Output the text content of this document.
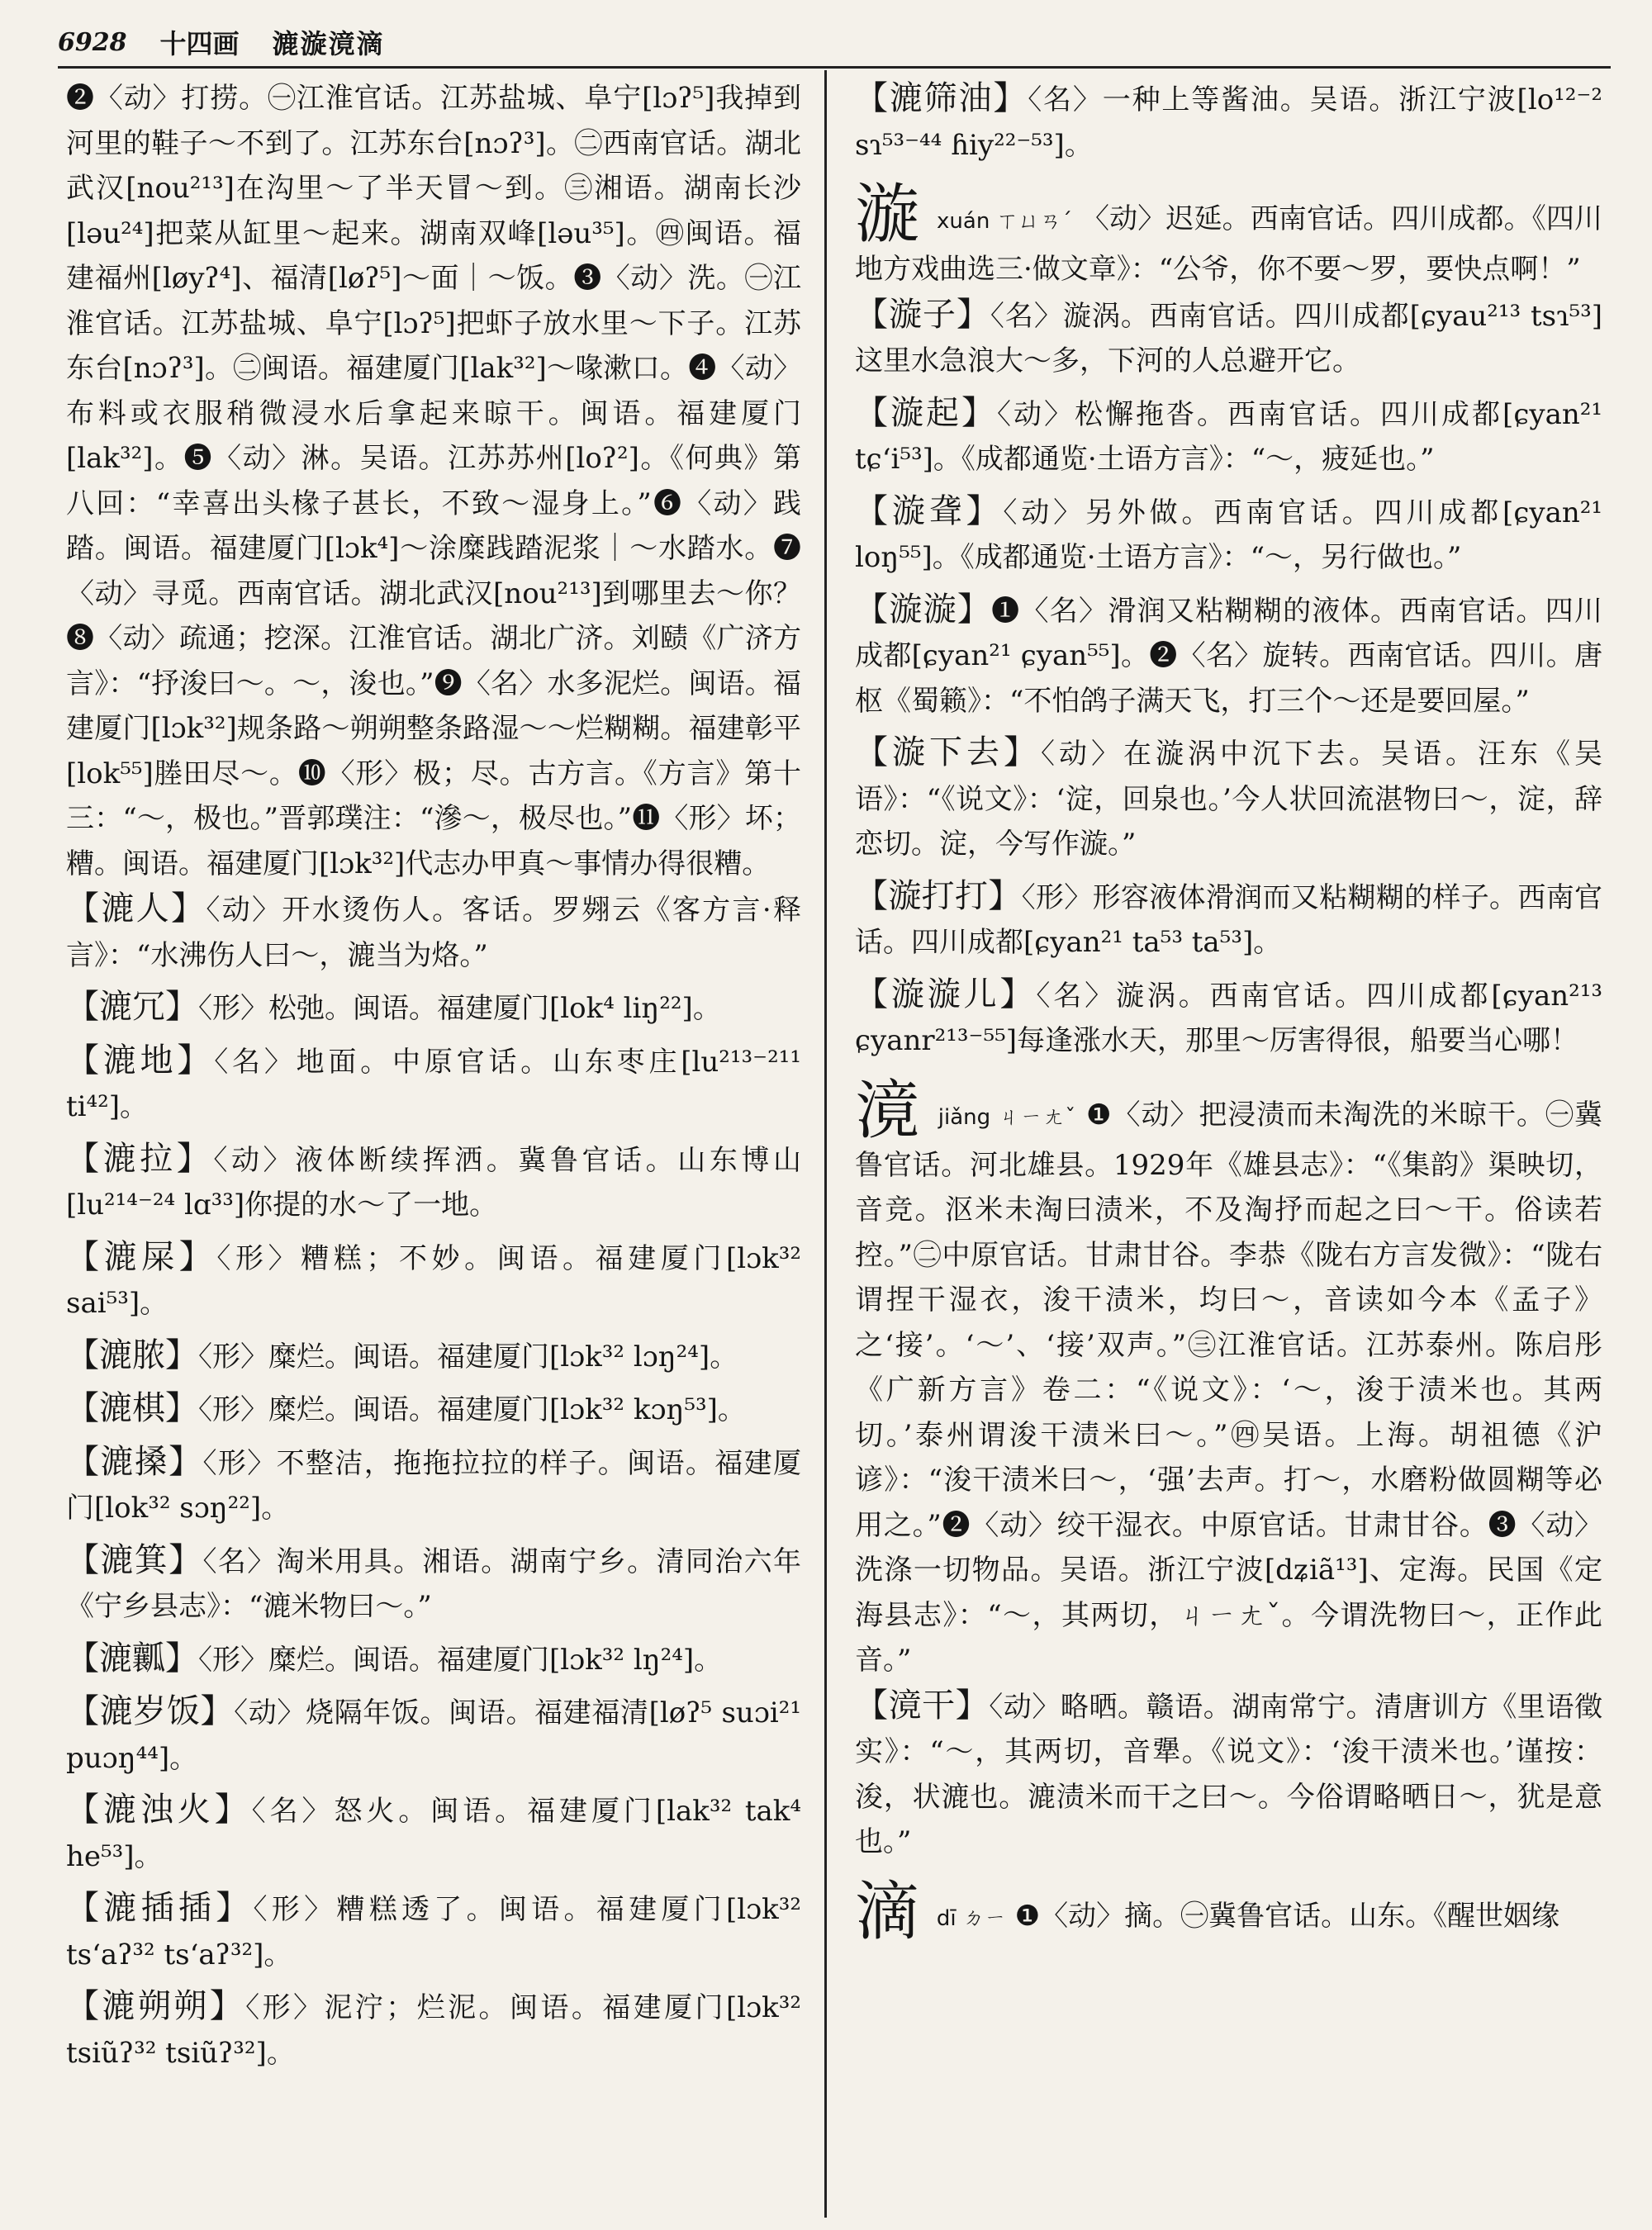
6928 十四画 漉漩滰滴

❷〈动〉打捞。㊀江淮官话。江苏盐城、阜宁[lɔʔ⁵]我掉到河里的鞋子～不到了。江苏东台[nɔʔ³]。㊁西南官话。湖北武汉[nou²¹³]在沟里～了半天冒～到。㊂湘语。湖南长沙[ləu²⁴]把菜从缸里～起来。湖南双峰[ləu³⁵]。㊃闽语。福建福州[løyʔ⁴]、福清[løʔ⁵]～面｜～饭。❸〈动〉洗。㊀江淮官话。江苏盐城、阜宁[lɔʔ⁵]把虾子放水里～下子。江苏东台[nɔʔ³]。㊁闽语。福建厦门[lak³²]～喙漱口。❹〈动〉布料或衣服稍微浸水后拿起来晾干。闽语。福建厦门[lak³²]。❺〈动〉淋。吴语。江苏苏州[loʔ²]。《何典》第八回：“幸喜出头椽子甚长，不致～湿身上。”❻〈动〉践踏。闽语。福建厦门[lɔk⁴]～涂糜践踏泥浆｜～水踏水。❼〈动〉寻觅。西南官话。湖北武汉[nou²¹³]到哪里去～你？❽〈动〉疏通；挖深。江淮官话。湖北广济。刘赜《广济方言》：“抒浚曰～。～，浚也。”❾〈名〉水多泥烂。闽语。福建厦门[lɔk³²]规条路～朔朔整条路湿～～烂糊糊。福建彰平[lok⁵⁵]塍田尽～。❿〈形〉极；尽。古方言。《方言》第十三：“～，极也。”晋郭璞注：“滲～，极尽也。”⓫〈形〉坏；糟。闽语。福建厦门[lɔk³²]代志办甲真～事情办得很糟。

【漉人】〈动〉开水烫伤人。客话。罗翙云《客方言·释言》：“水沸伤人曰～，漉当为烙。”

【漉冗】〈形〉松弛。闽语。福建厦门[lok⁴ liŋ²²]。

【漉地】〈名〉地面。中原官话。山东枣庄[lu²¹³⁻²¹¹ ti⁴²]。

【漉拉】〈动〉液体断续挥洒。冀鲁官话。山东博山[lu²¹⁴⁻²⁴ lɑ³³]你提的水～了一地。

【漉屎】〈形〉糟糕；不妙。闽语。福建厦门[lɔk³² sai⁵³]。

【漉脓】〈形〉糜烂。闽语。福建厦门[lɔk³² lɔŋ²⁴]。

【漉棋】〈形〉糜烂。闽语。福建厦门[lɔk³² kɔŋ⁵³]。

【漉搡】〈形〉不整洁，拖拖拉拉的样子。闽语。福建厦门[lok³² sɔŋ²²]。

【漉箕】〈名〉淘米用具。湘语。湖南宁乡。清同治六年《宁乡县志》：“漉米物曰～。”

【漉瓤】〈形〉糜烂。闽语。福建厦门[lɔk³² lŋ²⁴]。

【漉岁饭】〈动〉烧隔年饭。闽语。福建福清[løʔ⁵ suɔi²¹ puɔŋ⁴⁴]。

【漉浊火】〈名〉怒火。闽语。福建厦门[lak³² tak⁴ he⁵³]。

【漉插插】〈形〉糟糕透了。闽语。福建厦门[lɔk³² tsʻaʔ³² tsʻaʔ³²]。

【漉朔朔】〈形〉泥泞；烂泥。闽语。福建厦门[lɔk³² tsiũʔ³² tsiũʔ³²]。

【漉筛油】〈名〉一种上等酱油。吴语。浙江宁波[lo¹²⁻² sɿ⁵³⁻⁴⁴ ɦiy²²⁻⁵³]。

漩 xuán ㄒㄩㄢˊ 〈动〉迟延。西南官话。四川成都。《四川地方戏曲选三·做文章》：“公爷，你不要～罗，要快点啊！”

【漩子】〈名〉漩涡。西南官话。四川成都[ɕyau²¹³ tsɿ⁵³]这里水急浪大～多，下河的人总避开它。

【漩起】〈动〉松懈拖沓。西南官话。四川成都[ɕyan²¹ tɕʻi⁵³]。《成都通览·土语方言》：“～，疲延也。”

【漩聋】〈动〉另外做。西南官话。四川成都[ɕyan²¹ loŋ⁵⁵]。《成都通览·土语方言》：“～，另行做也。”

【漩漩】❶〈名〉滑润又粘糊糊的液体。西南官话。四川成都[ɕyan²¹ ɕyan⁵⁵]。❷〈名〉旋转。西南官话。四川。唐枢《蜀籁》：“不怕鸽子满天飞，打三个～还是要回屋。”

【漩下去】〈动〉在漩涡中沉下去。吴语。汪东《吴语》：“《说文》：‘淀，回泉也。’今人状回流湛物曰～，淀，辞恋切。淀，今写作漩。”

【漩打打】〈形〉形容液体滑润而又粘糊糊的样子。西南官话。四川成都[ɕyan²¹ ta⁵³ ta⁵³]。

【漩漩儿】〈名〉漩涡。西南官话。四川成都[ɕyan²¹³ ɕyanr²¹³⁻⁵⁵]每逢涨水天，那里～厉害得很，船要当心哪！

滰 jiǎng ㄐㄧㄤˇ ❶〈动〉把浸渍而未淘洗的米晾干。㊀冀鲁官话。河北雄县。1929年《雄县志》：“《集韵》渠映切，音竞。沤米未淘曰渍米，不及淘抒而起之曰～干。俗读若控。”㊁中原官话。甘肃甘谷。李恭《陇右方言发微》：“陇右谓捏干湿衣，浚干渍米，均曰～，音读如今本《孟子》之‘接’。‘～’、‘接’双声。”㊂江淮官话。江苏泰州。陈启彤《广新方言》卷二：“《说文》：‘～，浚于渍米也。其两切。’泰州谓浚干渍米曰～。”㊃吴语。上海。胡祖德《沪谚》：“浚干渍米曰～，‘强’去声。打～，水磨粉做圆糊等必用之。”❷〈动〉绞干湿衣。中原官话。甘肃甘谷。❸〈动〉洗涤一切物品。吴语。浙江宁波[dʑiã¹³]、定海。民国《定海县志》：“～，其两切，ㄐㄧㄤˇ。今谓洗物曰～，正作此音。”

【滰干】〈动〉略晒。赣语。湖南常宁。清唐训方《里语徵实》：“～，其两切，音犟。《说文》：‘浚干渍米也。’谨按：浚，状漉也。漉渍米而干之曰～。今俗谓略晒日～，犹是意也。”

滴 dī ㄉㄧ ❶〈动〉摘。㊀冀鲁官话。山东。《醒世姻缘
